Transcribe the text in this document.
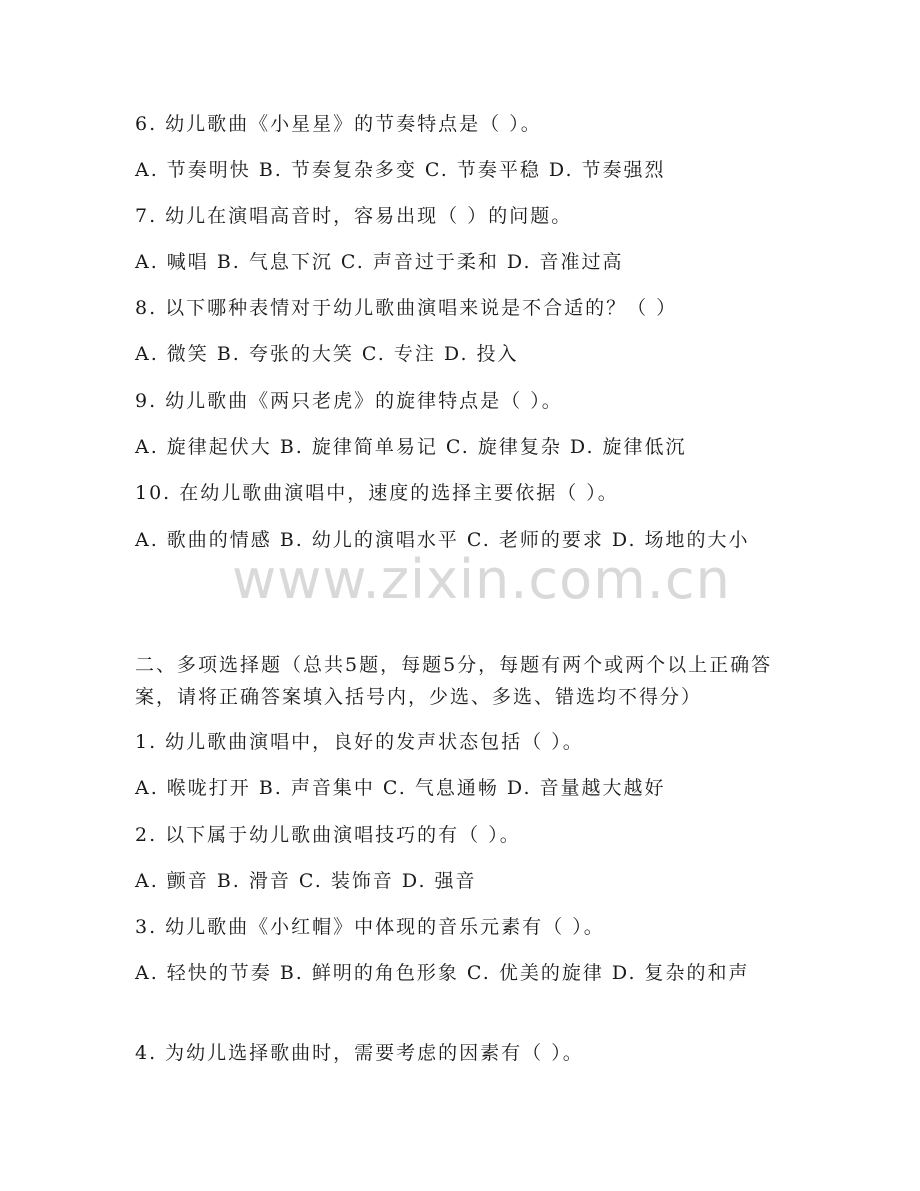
6. 幼儿歌曲《小星星》的节奏特点是（ ）。
A. 节奏明快 B. 节奏复杂多变 C. 节奏平稳 D. 节奏强烈
7. 幼儿在演唱高音时，容易出现（ ）的问题。
A. 喊唱 B. 气息下沉 C. 声音过于柔和 D. 音准过高
8. 以下哪种表情对于幼儿歌曲演唱来说是不合适的？（ ）
A. 微笑 B. 夸张的大笑 C. 专注 D. 投入
9. 幼儿歌曲《两只老虎》的旋律特点是（ ）。
A. 旋律起伏大 B. 旋律简单易记 C. 旋律复杂 D. 旋律低沉
10. 在幼儿歌曲演唱中，速度的选择主要依据（ ）。
A. 歌曲的情感 B. 幼儿的演唱水平 C. 老师的要求 D. 场地的大小
www.zixin.com.cn
二、多项选择题（总共5题，每题5分，每题有两个或两个以上正确答案，请将正确答案填入括号内，少选、多选、错选均不得分）
1. 幼儿歌曲演唱中，良好的发声状态包括（ ）。
A. 喉咙打开 B. 声音集中 C. 气息通畅 D. 音量越大越好
2. 以下属于幼儿歌曲演唱技巧的有（ ）。
A. 颤音 B. 滑音 C. 装饰音 D. 强音
3. 幼儿歌曲《小红帽》中体现的音乐元素有（ ）。
A. 轻快的节奏 B. 鲜明的角色形象 C. 优美的旋律 D. 复杂的和声
4. 为幼儿选择歌曲时，需要考虑的因素有（ ）。
